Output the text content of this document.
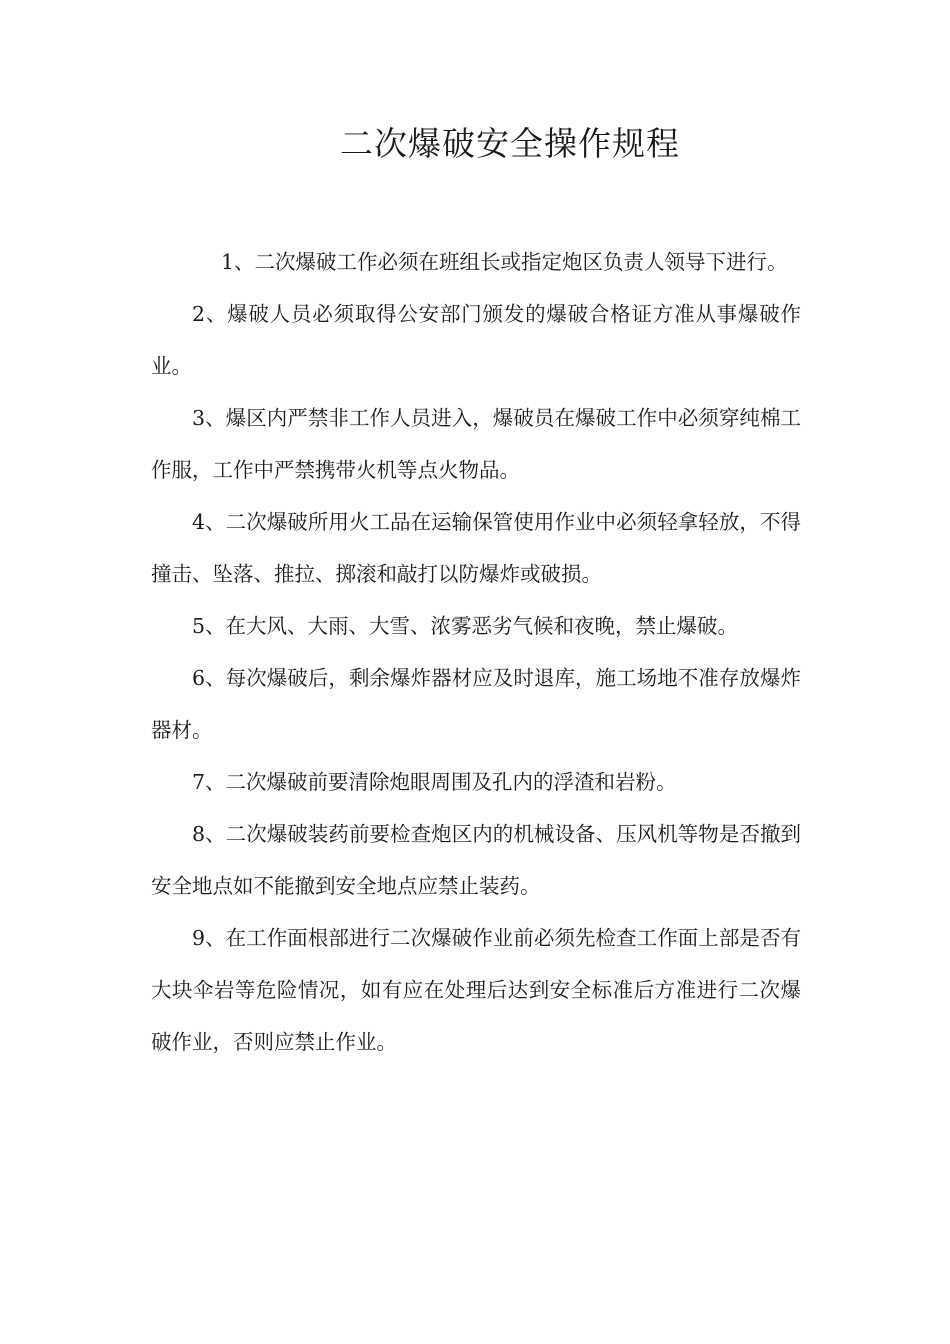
二次爆破安全操作规程

1、二次爆破工作必须在班组长或指定炮区负责人领导下进行。

2、爆破人员必须取得公安部门颁发的爆破合格证方准从事爆破作业。

3、爆区内严禁非工作人员进入，爆破员在爆破工作中必须穿纯棉工作服，工作中严禁携带火机等点火物品。

4、二次爆破所用火工品在运输保管使用作业中必须轻拿轻放，不得撞击、坠落、推拉、掷滚和敲打以防爆炸或破损。

5、在大风、大雨、大雪、浓雾恶劣气候和夜晚，禁止爆破。

6、每次爆破后，剩余爆炸器材应及时退库，施工场地不准存放爆炸器材。

7、二次爆破前要清除炮眼周围及孔内的浮渣和岩粉。

8、二次爆破装药前要检查炮区内的机械设备、压风机等物是否撤到安全地点如不能撤到安全地点应禁止装药。

9、在工作面根部进行二次爆破作业前必须先检查工作面上部是否有大块伞岩等危险情况，如有应在处理后达到安全标准后方准进行二次爆破作业，否则应禁止作业。
